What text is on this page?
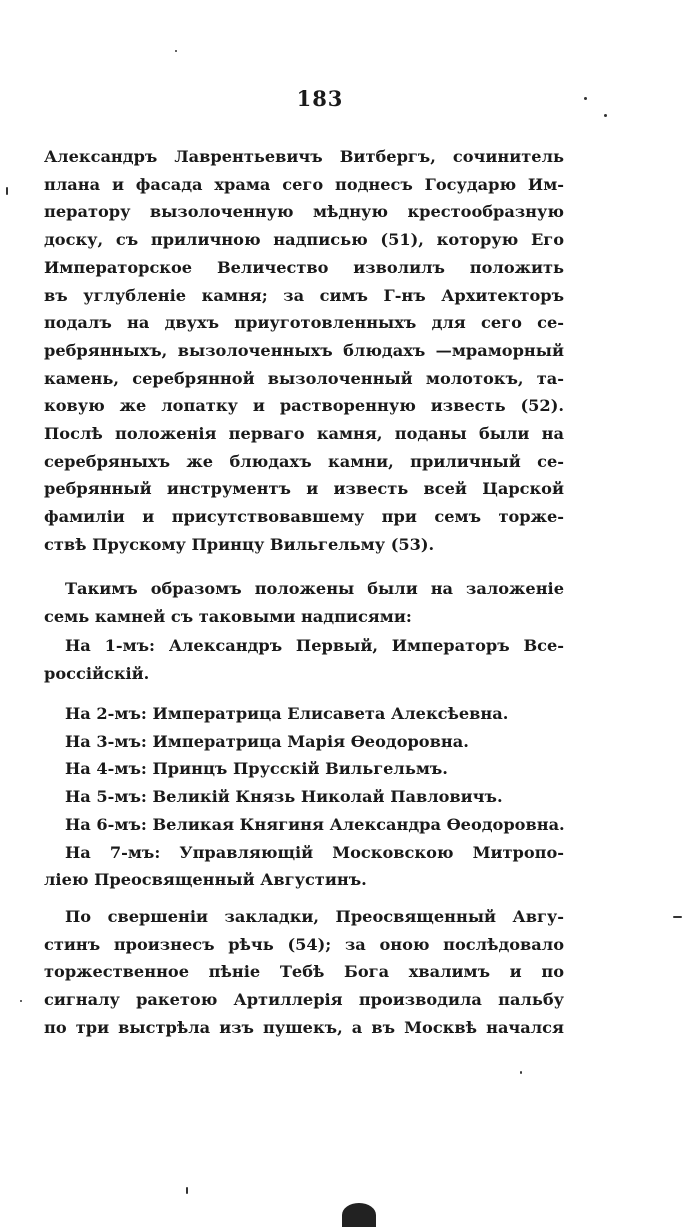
183
Александръ Лаврентьевичъ Витбергъ, сочинитель
плана и фасада храма сего поднесъ Государю Им-
ператору вызолоченную мѣдную крестообразную
доску, съ приличною надписью (51), которую Его
Императорское Величество изволилъ положить
въ углубленіе камня; за симъ Г-нъ Архитекторъ
подалъ на двухъ приуготовленныхъ для сего се-
ребрянныхъ, вызолоченныхъ блюдахъ —мраморный
камень, серебрянной вызолоченный молотокъ, та-
ковую же лопатку и растворенную известь (52).
Послѣ положенія перваго камня, поданы были на
серебряныхъ же блюдахъ камни, приличный се-
ребрянный инструментъ и известь всей Царской
фамиліи и присутствовавшему при семъ торже-
ствѣ Прускому Принцу Вильгельму (53).
Такимъ образомъ положены были на заложеніе
семь камней съ таковыми надписями:
На 1-мъ: Александръ Первый, Императоръ Все-
россійскій.
На 2-мъ: Императрица Елисавета Алексѣевна.
На 3-мъ: Императрица Марія Ѳеодоровна.
На 4-мъ: Принцъ Прусскій Вильгельмъ.
На 5-мъ: Великій Князь Николай Павловичъ.
На 6-мъ: Великая Княгиня Александра Ѳеодоровна.
На 7-мъ: Управляющій Московскою Митропо-
ліею Преосвященный Августинъ.
По свершеніи закладки, Преосвященный Авгу-
стинъ произнесъ рѣчь (54); за оною послѣдовало
торжественное пѣніе Тебѣ Бога хвалимъ и по
сигналу ракетою Артиллерія производила пальбу
по три выстрѣла изъ пушекъ, а въ Москвѣ начался
